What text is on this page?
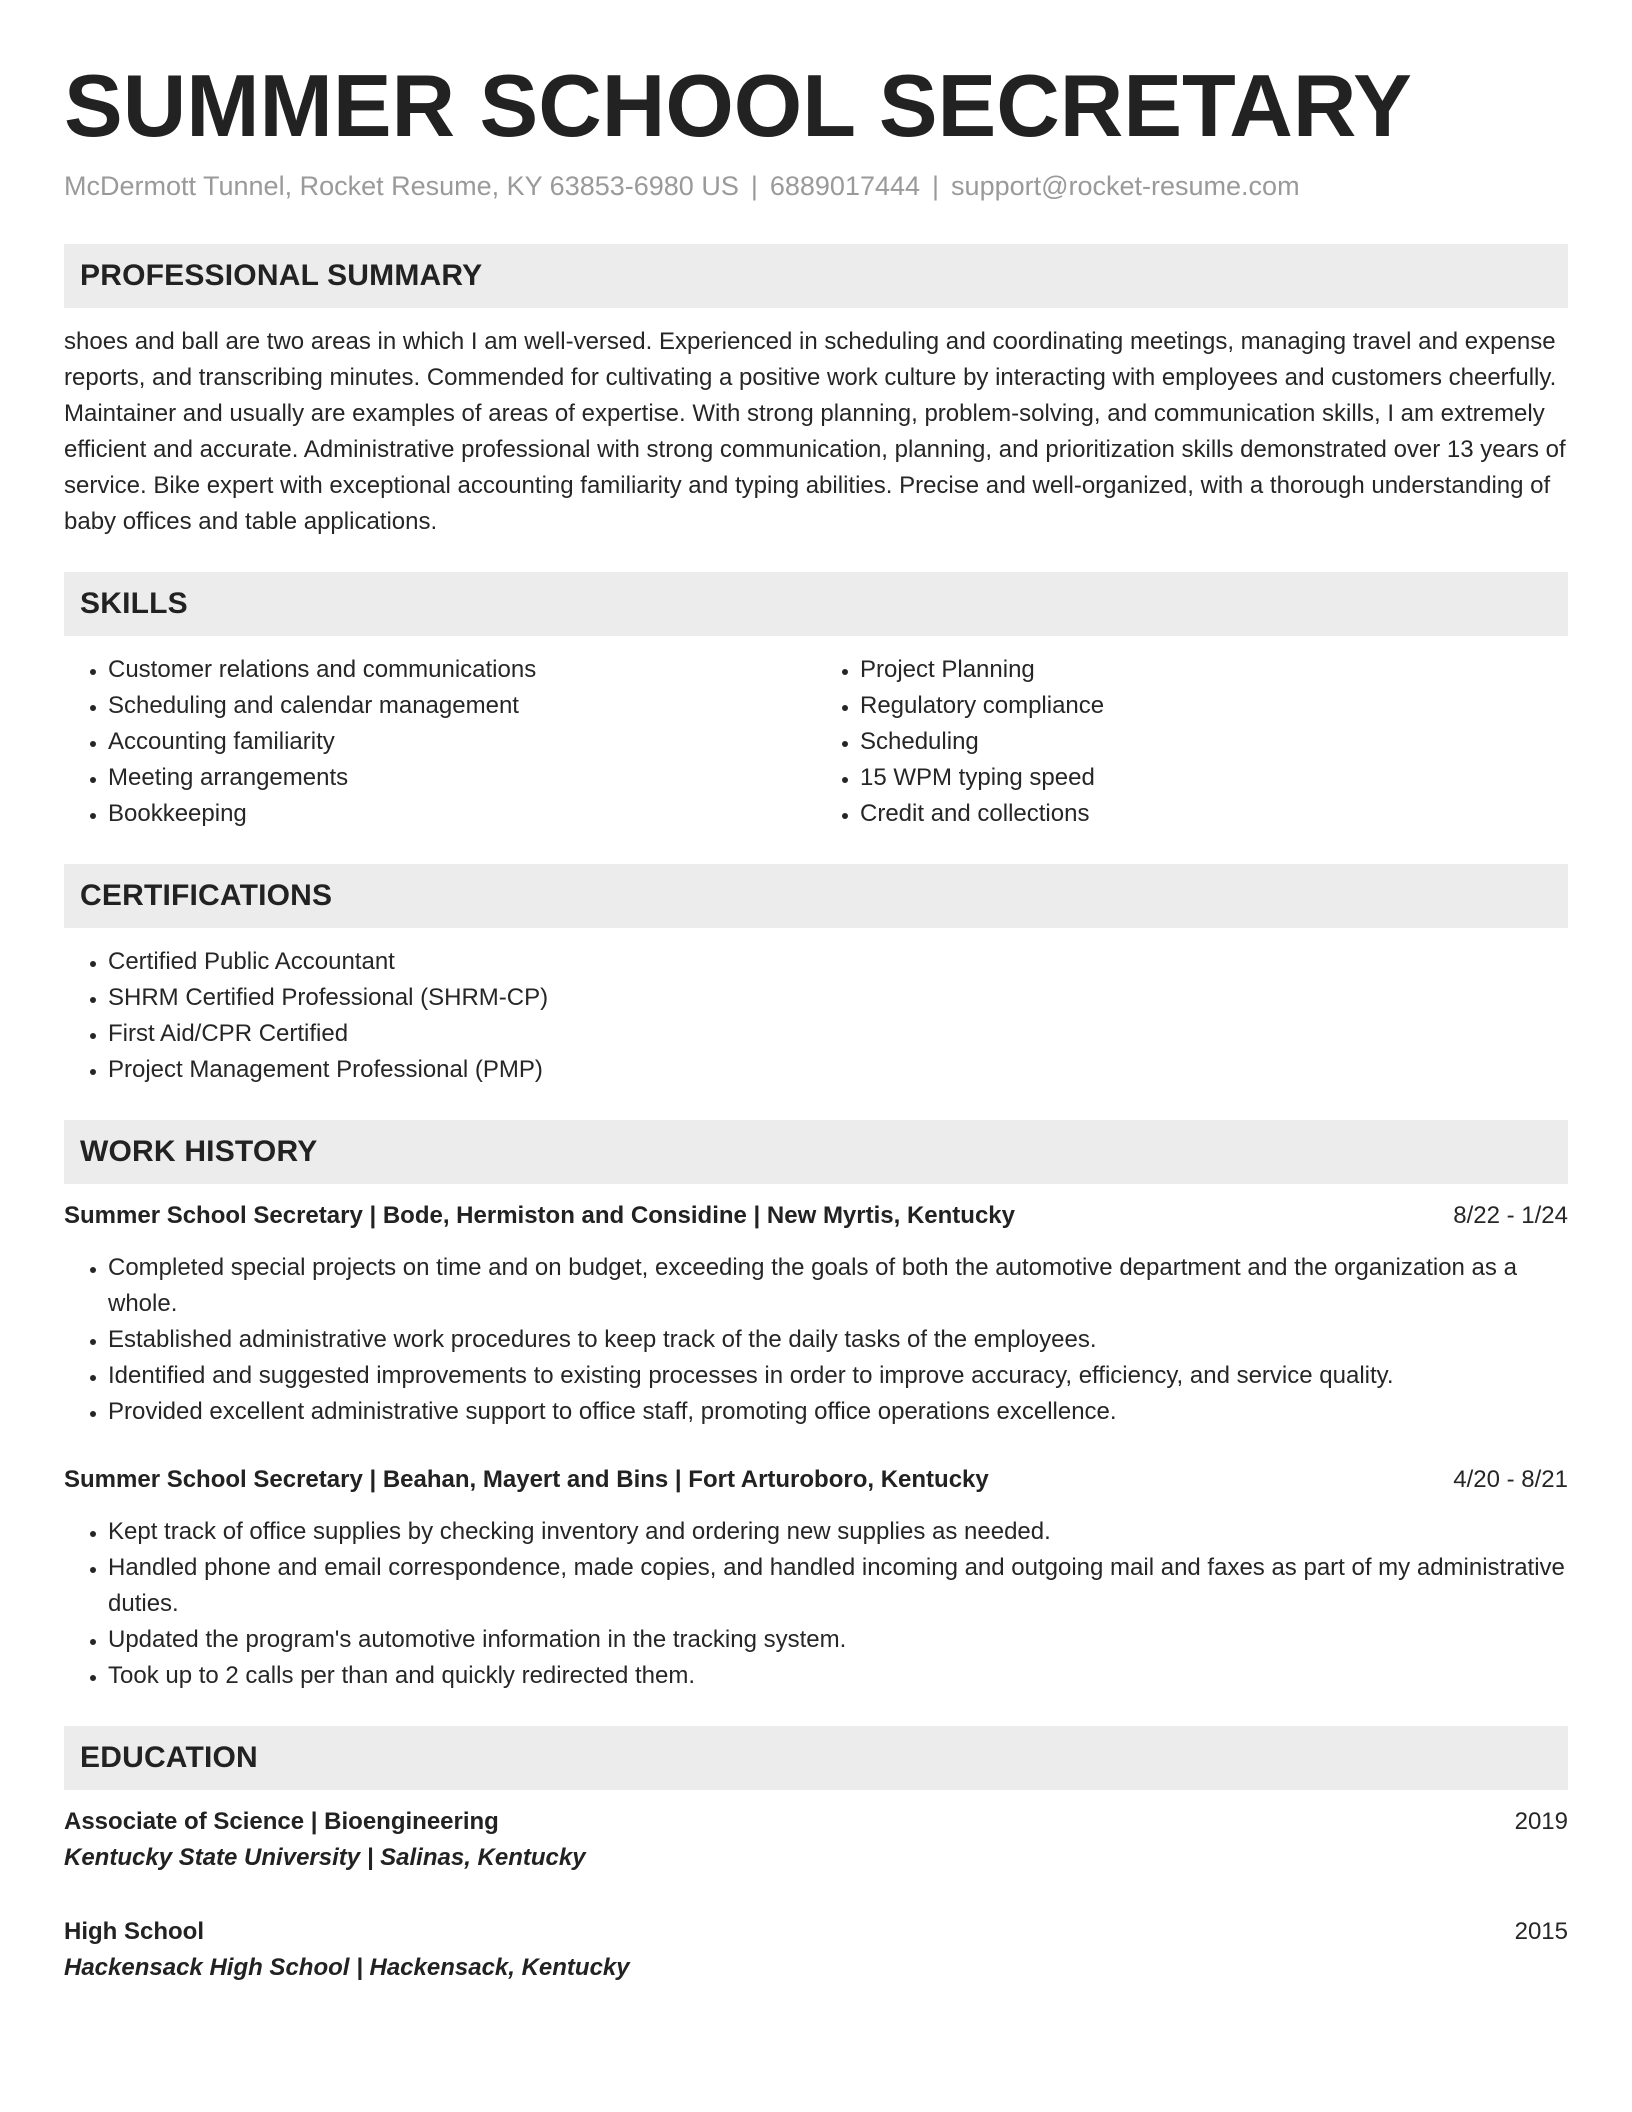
SUMMER SCHOOL SECRETARY
McDermott Tunnel, Rocket Resume, KY 63853-6980 US | 6889017444 | support@rocket-resume.com
PROFESSIONAL SUMMARY

shoes and ball are two areas in which I am well-versed. Experienced in scheduling and coordinating meetings, managing travel and expense reports, and transcribing minutes. Commended for cultivating a positive work culture by interacting with employees and customers cheerfully. Maintainer and usually are examples of areas of expertise. With strong planning, problem-solving, and communication skills, I am extremely efficient and accurate. Administrative professional with strong communication, planning, and prioritization skills demonstrated over 13 years of service. Bike expert with exceptional accounting familiarity and typing abilities. Precise and well-organized, with a thorough understanding of baby offices and table applications.

SKILLS
• Customer relations and communications
• Scheduling and calendar management
• Accounting familiarity
• Meeting arrangements
• Bookkeeping
• Project Planning
• Regulatory compliance
• Scheduling
• 15 WPM typing speed
• Credit and collections
CERTIFICATIONS
• Certified Public Accountant
• SHRM Certified Professional (SHRM-CP)
• First Aid/CPR Certified
• Project Management Professional (PMP)
WORK HISTORY
Summer School Secretary | Bode, Hermiston and Considine | New Myrtis, Kentucky	8/22 - 1/24
• Completed special projects on time and on budget, exceeding the goals of both the automotive department and the organization as a whole.
• Established administrative work procedures to keep track of the daily tasks of the employees.
• Identified and suggested improvements to existing processes in order to improve accuracy, efficiency, and service quality.
• Provided excellent administrative support to office staff, promoting office operations excellence.
Summer School Secretary | Beahan, Mayert and Bins | Fort Arturoboro, Kentucky	4/20 - 8/21
• Kept track of office supplies by checking inventory and ordering new supplies as needed.
• Handled phone and email correspondence, made copies, and handled incoming and outgoing mail and faxes as part of my administrative duties.
• Updated the program's automotive information in the tracking system.
• Took up to 2 calls per than and quickly redirected them.
EDUCATION
Associate of Science | Bioengineering	2019
Kentucky State University | Salinas, Kentucky
High School	2015
Hackensack High School | Hackensack, Kentucky
